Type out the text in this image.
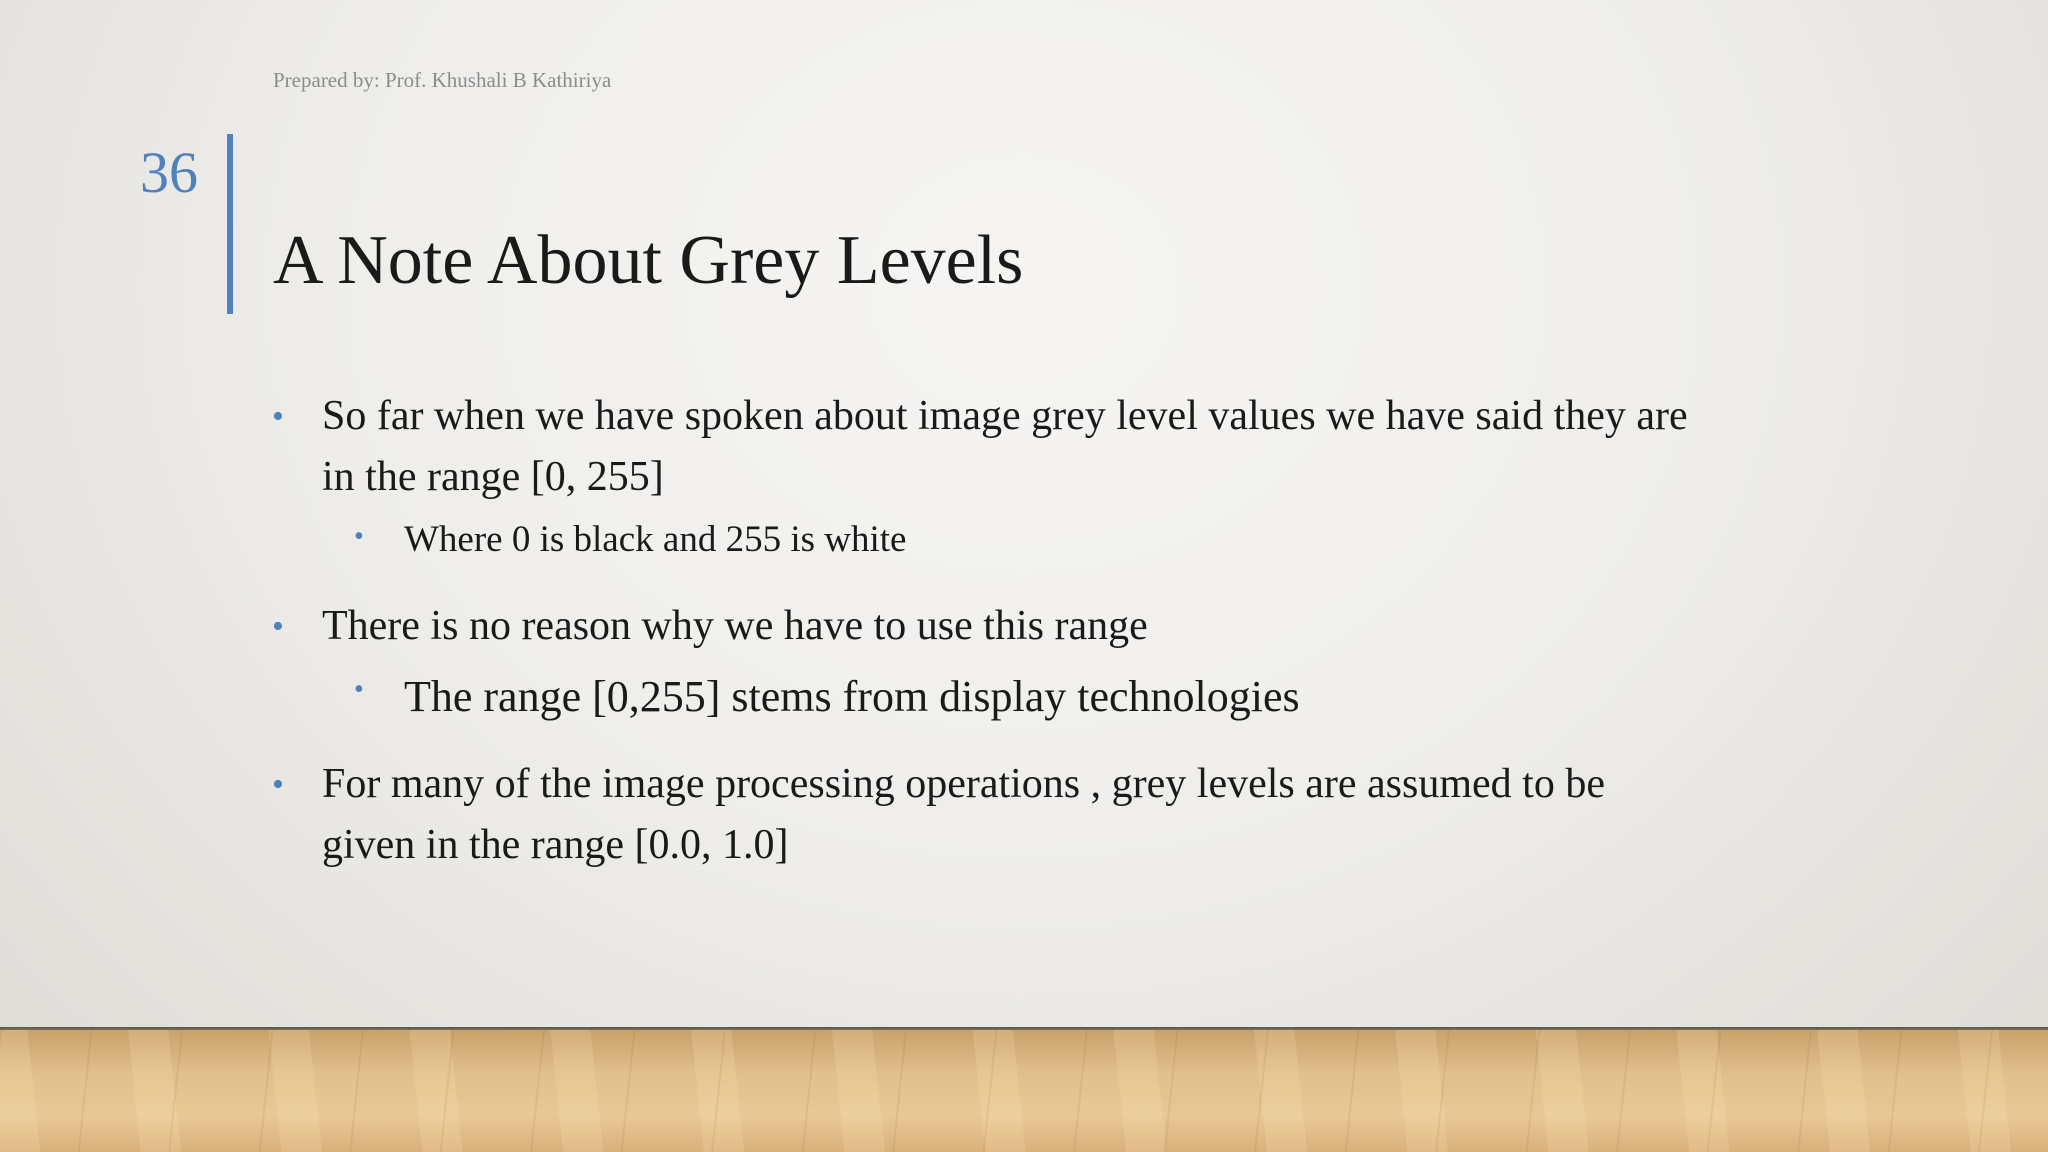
Prepared by: Prof. Khushali B Kathiriya
36
A Note About Grey Levels
• So far when we have spoken about image grey level values we have said they are in the range [0, 255]
• Where 0 is black and 255 is white
• There is no reason why we have to use this range
• The range [0,255] stems from display technologies
• For many of the image processing operations , grey levels are assumed to be given in the range [0.0, 1.0]
